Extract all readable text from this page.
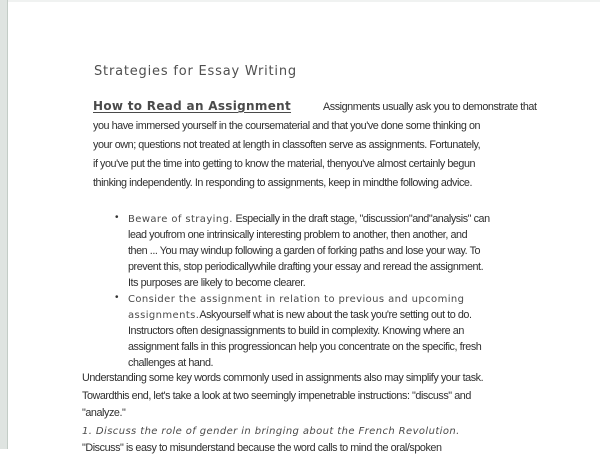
Strategies for Essay Writing
How to Read an Assignment	Assignments usually ask you to demonstrate that
you have immersed yourself in the coursematerial and that you've done some thinking on
your own; questions not treated at length in classoften serve as assignments. Fortunately,
if you've put the time into getting to know the material, thenyou've almost certainly begun
thinking independently. In responding to assignments, keep in mindthe following advice.
• Beware of straying. Especially in the draft stage, "discussion"and"analysis" can
lead youfrom one intrinsically interesting problem to another, then another, and
then ... You may windup following a garden of forking paths and lose your way. To
prevent this, stop periodicallywhile drafting your essay and reread the assignment.
Its purposes are likely to become clearer.
• Consider the assignment in relation to previous and upcoming
assignments.Askyourself what is new about the task you're setting out to do.
Instructors often designassignments to build in complexity. Knowing where an
assignment falls in this progressioncan help you concentrate on the specific, fresh
challenges at hand.
Understanding some key words commonly used in assignments also may simplify your task.
Towardthis end, let's take a look at two seemingly impenetrable instructions: "discuss" and
"analyze."
1. Discuss the role of gender in bringing about the French Revolution.
"Discuss" is easy to misunderstand because the word calls to mind the oral/spoken
